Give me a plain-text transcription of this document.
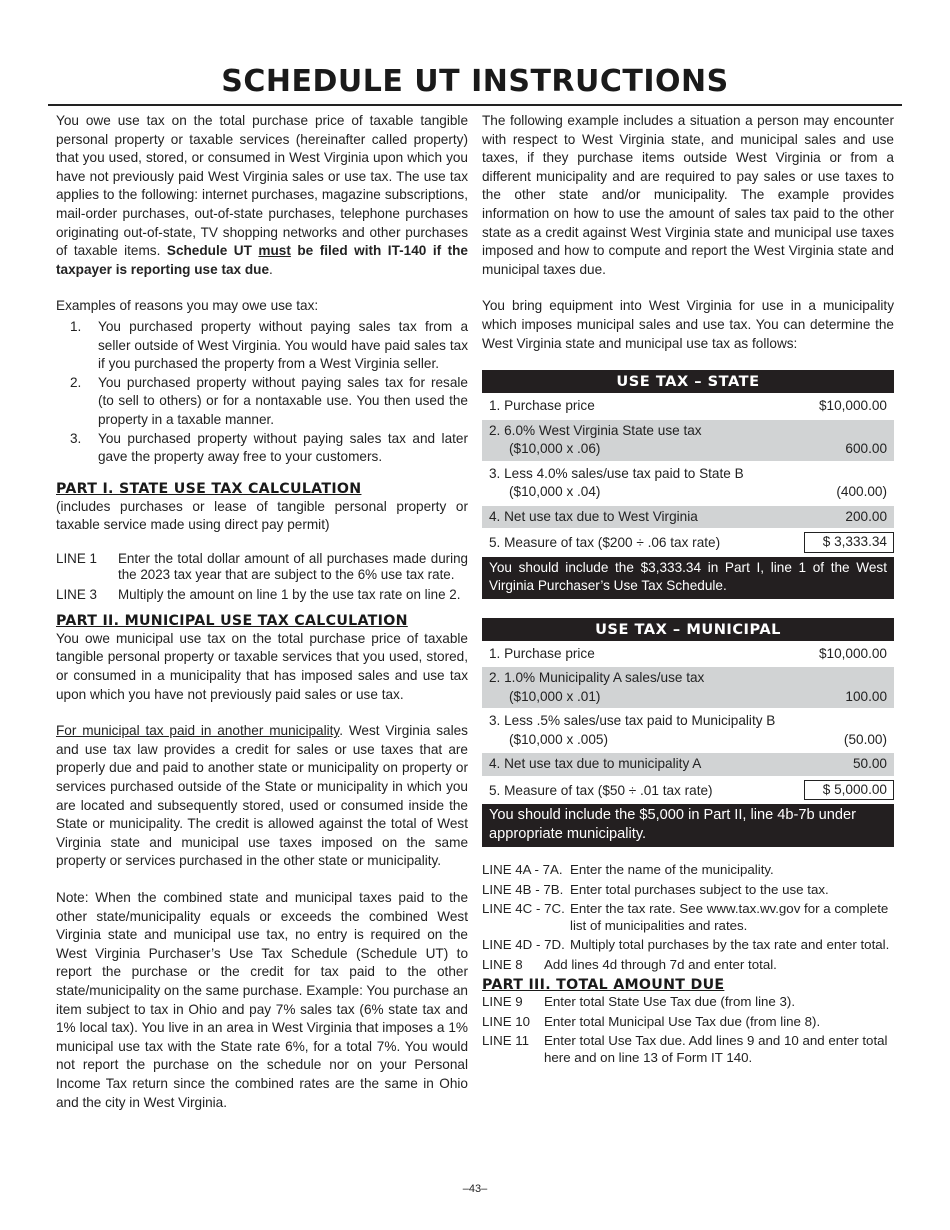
SCHEDULE UT INSTRUCTIONS

You owe use tax on the total purchase price of taxable tangible personal property or taxable services (hereinafter called property) that you used, stored, or consumed in West Virginia upon which you have not previously paid West Virginia sales or use tax. The use tax applies to the following: internet purchases, magazine subscriptions, mail-order purchases, out-of-state purchases, telephone purchases originating out-of-state, TV shopping networks and other purchases of taxable items. Schedule UT must be filed with IT-140 if the taxpayer is reporting use tax due.

Examples of reasons you may owe use tax:

1.	You purchased property without paying sales tax from a seller outside of West Virginia. You would have paid sales tax if you purchased the property from a West Virginia seller.
2.	You purchased property without paying sales tax for resale (to sell to others) or for a nontaxable use. You then used the property in a taxable manner.
3.	You purchased property without paying sales tax and later gave the property away free to your customers.
PART I. STATE USE TAX CALCULATION

(includes purchases or lease of tangible personal property or taxable service made using direct pay permit)

LINE 1	Enter the total dollar amount of all purchases made during the 2023 tax year that are subject to the 6% use tax rate.
LINE 3	Multiply the amount on line 1 by the use tax rate on line 2.
PART II. MUNICIPAL USE TAX CALCULATION

You owe municipal use tax on the total purchase price of taxable tangible personal property or taxable services that you used, stored, or consumed in a municipality that has imposed sales and use tax upon which you have not previously paid sales or use tax.

For municipal tax paid in another municipality. West Virginia sales and use tax law provides a credit for sales or use taxes that are properly due and paid to another state or municipality on property or services purchased outside of the State or municipality in which you are located and subsequently stored, used or consumed inside the State or municipality. The credit is allowed against the total of West Virginia state and municipal use taxes imposed on the same property or services purchased in the other state or municipality.

Note: When the combined state and municipal taxes paid to the other state/municipality equals or exceeds the combined West Virginia state and municipal use tax, no entry is required on the West Virginia Purchaser’s Use Tax Schedule (Schedule UT) to report the purchase or the credit for tax paid to the other state/municipality on the same purchase. Example: You purchase an item subject to tax in Ohio and pay 7% sales tax (6% state tax and 1% local tax). You live in an area in West Virginia that imposes a 1% municipal use tax with the State rate 6%, for a total 7%. You would not report the purchase on the schedule nor on your Personal Income Tax return since the combined rates are the same in Ohio and the city in West Virginia.

The following example includes a situation a person may encounter with respect to West Virginia state, and municipal sales and use taxes, if they purchase items outside West Virginia or from a different municipality and are required to pay sales or use taxes to the other state and/or municipality. The example provides information on how to use the amount of sales tax paid to the other state as a credit against West Virginia state and municipal use taxes imposed and how to compute and report the West Virginia state and municipal taxes due.

You bring equipment into West Virginia for use in a municipality which imposes municipal sales and use tax. You can determine the West Virginia state and municipal use tax as follows:

USE TAX – STATE
1. Purchase price	$10,000.00
2. 6.0% West Virginia State use tax
($10,000 x .06)	600.00
3. Less 4.0% sales/use tax paid to State B
($10,000 x .04)	(400.00)
4. Net use tax due to West Virginia	200.00
5. Measure of tax ($200 ÷ .06 tax rate)	$ 3,333.34
You should include the $3,333.34 in Part I, line 1 of the West Virginia Purchaser’s Use Tax Schedule.
USE TAX – MUNICIPAL
1. Purchase price	$10,000.00
2. 1.0% Municipality A sales/use tax
($10,000 x .01)	100.00
3. Less .5% sales/use tax paid to Municipality B
($10,000 x .005)	(50.00)
4. Net use tax due to municipality A	50.00
5. Measure of tax ($50 ÷ .01 tax rate)	$ 5,000.00
You should include the $5,000 in Part II, line 4b-7b under appropriate municipality.
LINE 4A - 7A. Enter the name of the municipality.
LINE 4B - 7B. Enter total purchases subject to the use tax.
LINE 4C - 7C. Enter the tax rate. See www.tax.wv.gov for a complete list of municipalities and rates.
LINE 4D - 7D. Multiply total purchases by the tax rate and enter total.
LINE 8	Add lines 4d through 7d and enter total.
PART III. TOTAL AMOUNT DUE
LINE 9	Enter total State Use Tax due (from line 3).
LINE 10	Enter total Municipal Use Tax due (from line 8).
LINE 11	Enter total Use Tax due. Add lines 9 and 10 and enter total here and on line 13 of Form IT 140.
–43–
